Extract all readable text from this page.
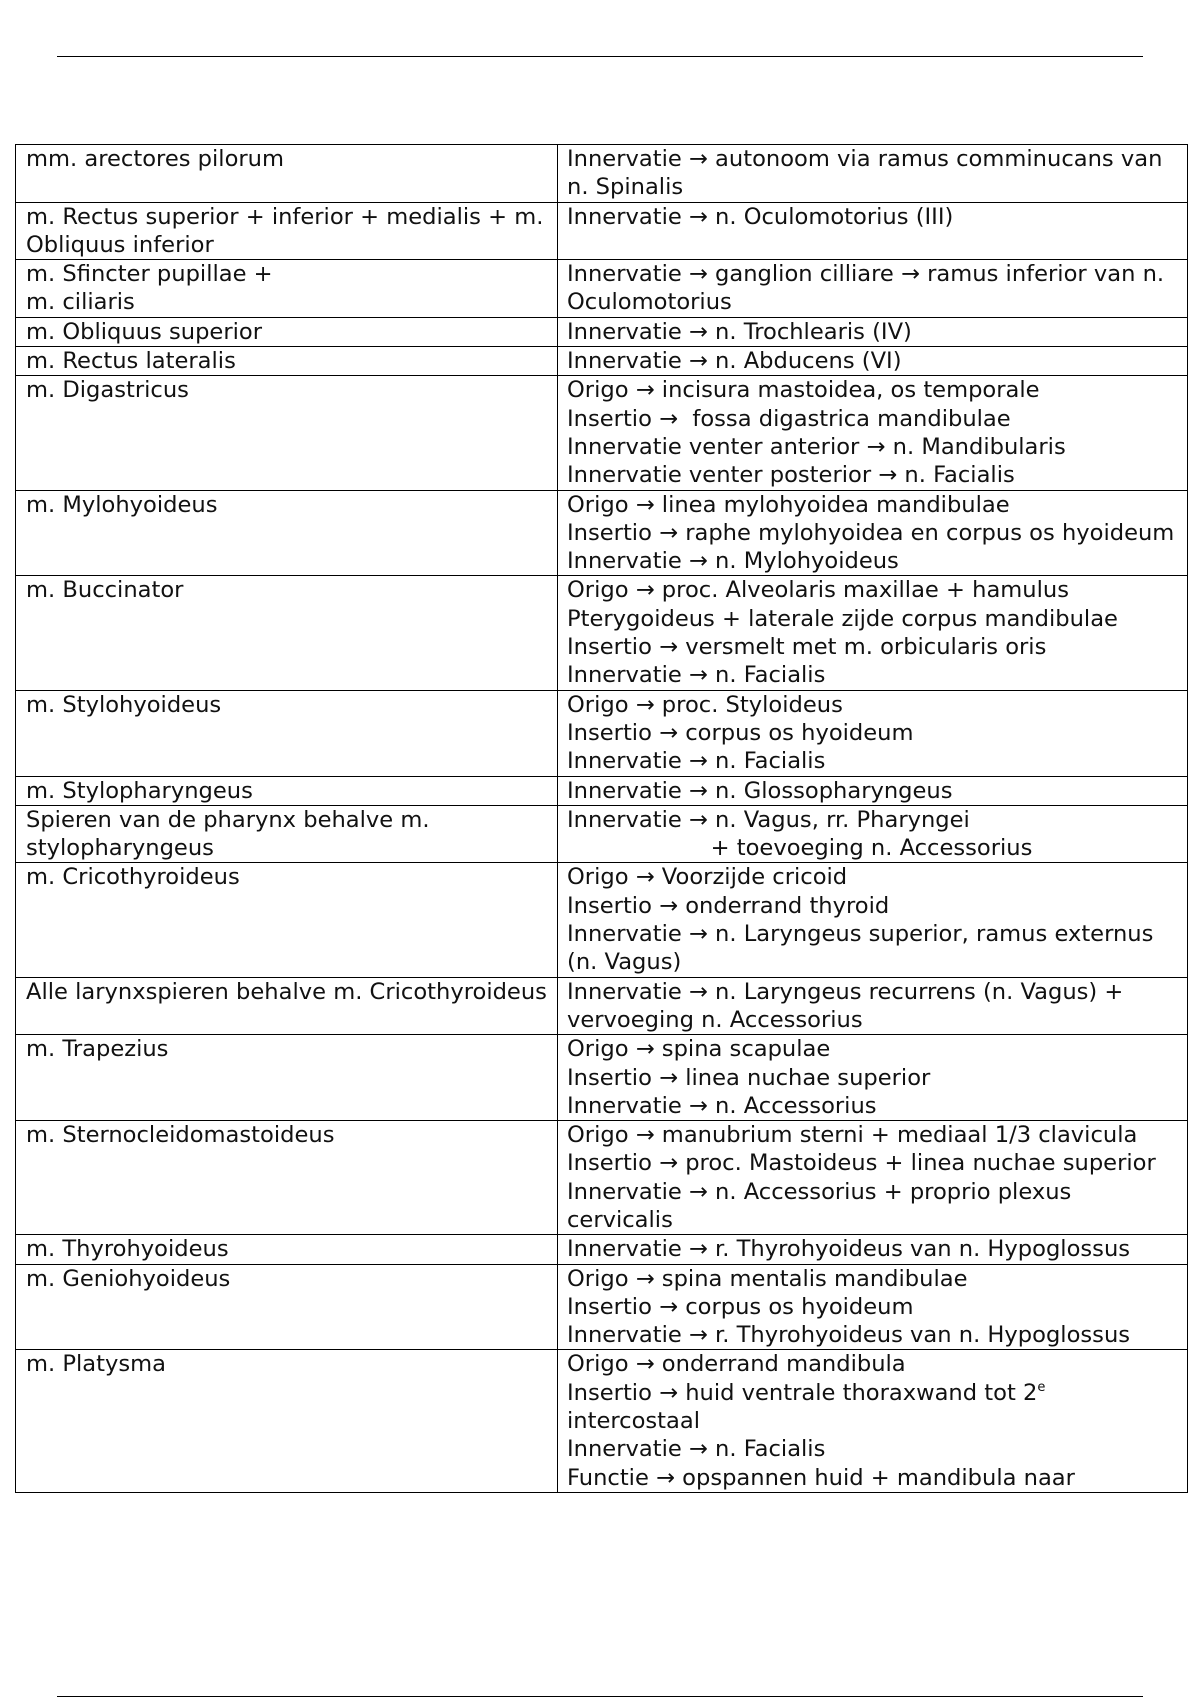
mm. arectores pilorum	Innervatie → autonoom via ramus comminucans van n. Spinalis

m. Rectus superior + inferior + medialis + m. Obliquus inferior	Innervatie → n. Oculomotorius (III)

m. Sfincter pupillae +
m. ciliaris	Innervatie → ganglion cilliare → ramus inferior van n. Oculomotorius

m. Obliquus superior	Innervatie → n. Trochlearis (IV)

m. Rectus lateralis	Innervatie → n. Abducens (VI)

m. Digastricus	Origo → incisura mastoidea, os temporale
Insertio →  fossa digastrica mandibulae
Innervatie venter anterior → n. Mandibularis
Innervatie venter posterior → n. Facialis

m. Mylohyoideus	Origo → linea mylohyoidea mandibulae
Insertio → raphe mylohyoidea en corpus os hyoideum
Innervatie → n. Mylohyoideus

m. Buccinator	Origo → proc. Alveolaris maxillae + hamulus Pterygoideus + laterale zijde corpus mandibulae
Insertio → versmelt met m. orbicularis oris
Innervatie → n. Facialis

m. Stylohyoideus	Origo → proc. Styloideus
Insertio → corpus os hyoideum
Innervatie → n. Facialis

m. Stylopharyngeus	Innervatie → n. Glossopharyngeus

Spieren van de pharynx behalve m. stylopharyngeus	Innervatie → n. Vagus, rr. Pharyngei
+ toevoeging n. Accessorius

m. Cricothyroideus	Origo → Voorzijde cricoid
Insertio → onderrand thyroid
Innervatie → n. Laryngeus superior, ramus externus (n. Vagus)

Alle larynxspieren behalve m. Cricothyroideus	Innervatie → n. Laryngeus recurrens (n. Vagus) + vervoeging n. Accessorius

m. Trapezius	Origo → spina scapulae
Insertio → linea nuchae superior
Innervatie → n. Accessorius

m. Sternocleidomastoideus	Origo → manubrium sterni + mediaal 1/3 clavicula
Insertio → proc. Mastoideus + linea nuchae superior Innervatie → n. Accessorius + proprio plexus cervicalis

m. Thyrohyoideus	Innervatie → r. Thyrohyoideus van n. Hypoglossus

m. Geniohyoideus	Origo → spina mentalis mandibulae
Insertio → corpus os hyoideum
Innervatie → r. Thyrohyoideus van n. Hypoglossus

m. Platysma	Origo → onderrand mandibula
Insertio → huid ventrale thoraxwand tot 2e
intercostaal
Innervatie → n. Facialis
Functie → opspannen huid + mandibula naar
